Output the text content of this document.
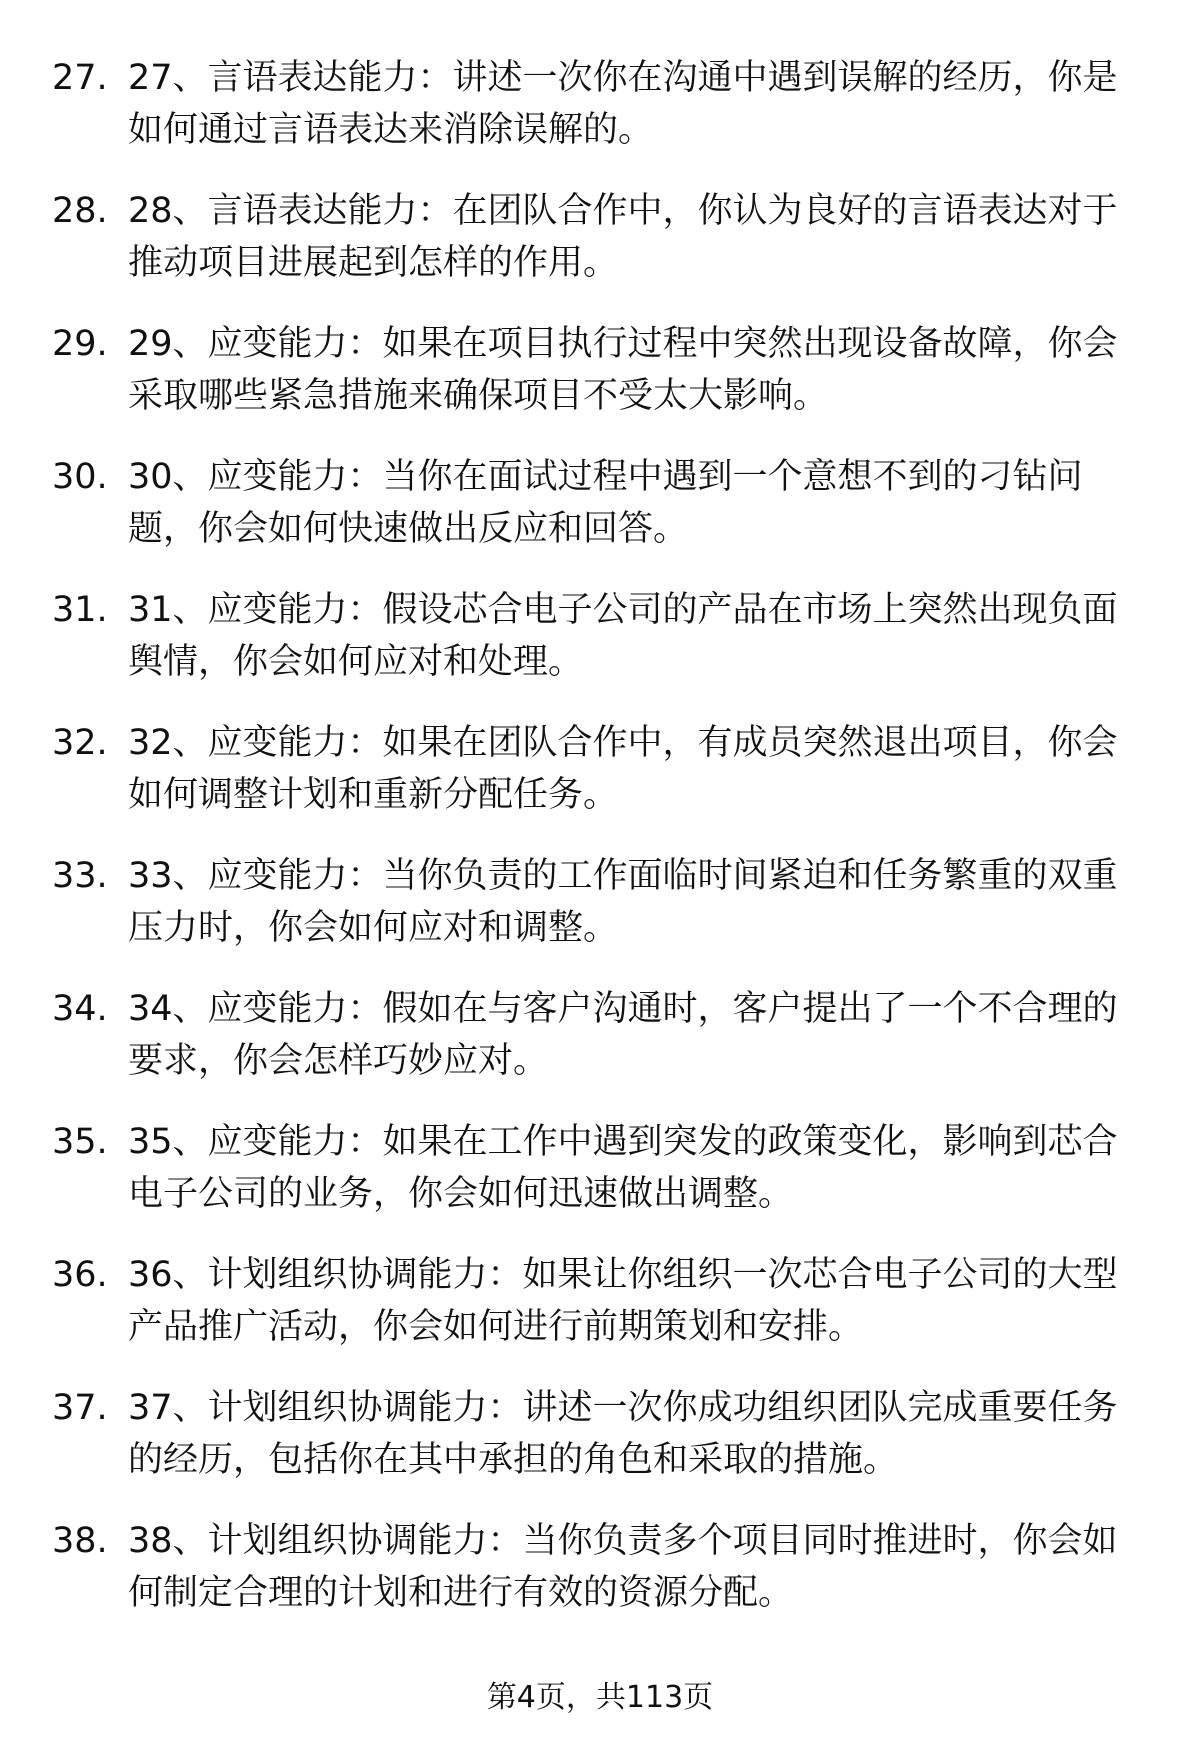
27. 27、言语表达能力：讲述一次你在沟通中遇到误解的经历，你是如何通过言语表达来消除误解的。
28. 28、言语表达能力：在团队合作中，你认为良好的言语表达对于推动项目进展起到怎样的作用。
29. 29、应变能力：如果在项目执行过程中突然出现设备故障，你会采取哪些紧急措施来确保项目不受太大影响。
30. 30、应变能力：当你在面试过程中遇到一个意想不到的刁钻问题，你会如何快速做出反应和回答。
31. 31、应变能力：假设芯合电子公司的产品在市场上突然出现负面舆情，你会如何应对和处理。
32. 32、应变能力：如果在团队合作中，有成员突然退出项目，你会如何调整计划和重新分配任务。
33. 33、应变能力：当你负责的工作面临时间紧迫和任务繁重的双重压力时，你会如何应对和调整。
34. 34、应变能力：假如在与客户沟通时，客户提出了一个不合理的要求，你会怎样巧妙应对。
35. 35、应变能力：如果在工作中遇到突发的政策变化，影响到芯合电子公司的业务，你会如何迅速做出调整。
36. 36、计划组织协调能力：如果让你组织一次芯合电子公司的大型产品推广活动，你会如何进行前期策划和安排。
37. 37、计划组织协调能力：讲述一次你成功组织团队完成重要任务的经历，包括你在其中承担的角色和采取的措施。
38. 38、计划组织协调能力：当你负责多个项目同时推进时，你会如何制定合理的计划和进行有效的资源分配。
第4页，共113页
